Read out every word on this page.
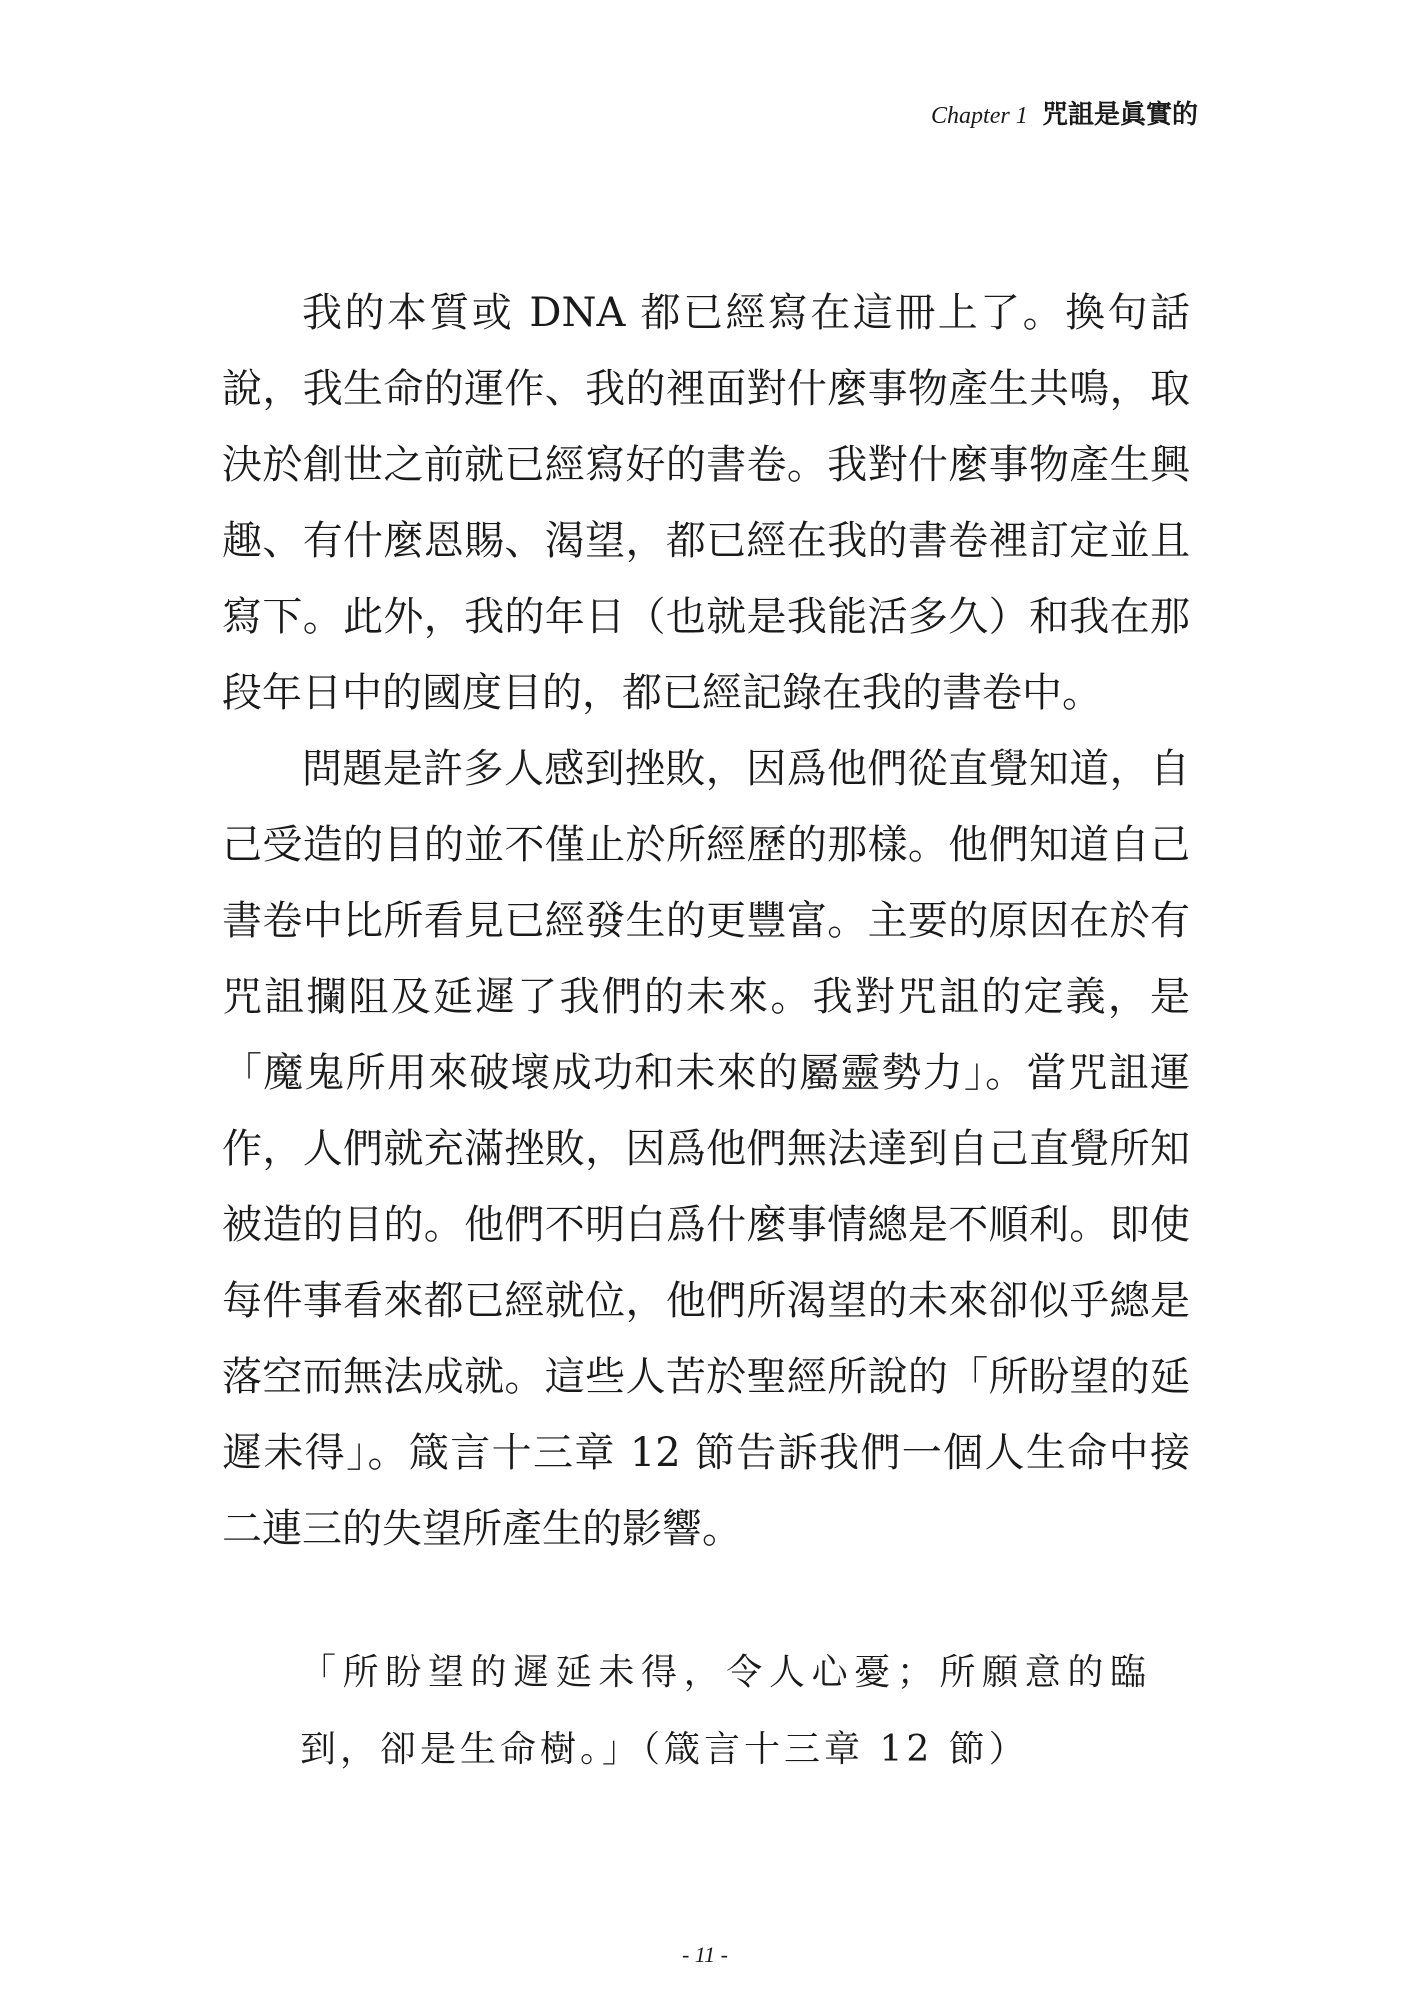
Chapter 1 咒詛是眞實的

我的本質或 DNA 都已經寫在這冊上了。換句話說，我生命的運作、我的裡面對什麼事物產生共鳴，取決於創世之前就已經寫好的書卷。我對什麼事物產生興趣、有什麼恩賜、渴望，都已經在我的書卷裡訂定並且寫下。此外，我的年日（也就是我能活多久）和我在那段年日中的國度目的，都已經記錄在我的書卷中。

問題是許多人感到挫敗，因爲他們從直覺知道，自己受造的目的並不僅止於所經歷的那樣。他們知道自己書卷中比所看見已經發生的更豐富。主要的原因在於有咒詛攔阻及延遲了我們的未來。我對咒詛的定義，是「魔鬼所用來破壞成功和未來的屬靈勢力」。當咒詛運作，人們就充滿挫敗，因爲他們無法達到自己直覺所知被造的目的。他們不明白爲什麼事情總是不順利。即使每件事看來都已經就位，他們所渴望的未來卻似乎總是落空而無法成就。這些人苦於聖經所說的「所盼望的延遲未得」。箴言十三章 12 節告訴我們一個人生命中接二連三的失望所產生的影響。

「所盼望的遲延未得，令人心憂；所願意的臨到，卻是生命樹。」（箴言十三章 12 節）

- 11 -
